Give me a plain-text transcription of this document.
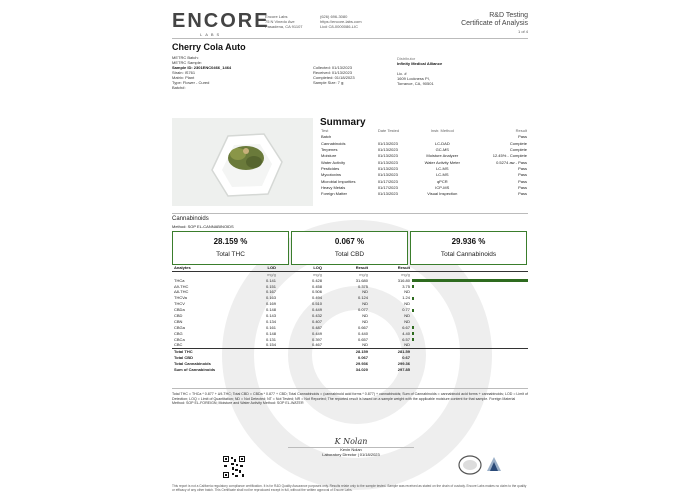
ENCORE
LABS
Encore Labs
75 N Vinedo Ave
Pasadena, CA 91107
(626) 696-3080
https://encore-labs.com
Lic# C8-0000086-LIC
R&D Testing
Certificate of Analysis
1 of 4
Cherry Cola Auto
METRC Batch:
METRC Sample:
Sample ID: 2301ENC0466_1464
Strain: IS761
Matrix: Plant
Type: Flower - Cured
Batch#:
Collected: 01/13/2023
Received: 01/13/2023
Completed: 01/18/2023
Sample Size: 7 g;
Distributor
Infinity Medical Alliance
Lic. #
1609 Lockness Pl,
Torrance, CA, 90501
Summary
Test	Date Tested	Instr. Method	Result
Batch			Pass
Cannabinoids	01/13/2023	LC-DAD	Complete
Terpenes	01/13/2023	GC-MS	Complete
Moisture	01/13/2023	Moisture Analyzer	12.45% - Complete
Water Activity	01/13/2023	Water Activity Meter	0.5274 aw - Pass
Pesticides	01/13/2023	LC-MS	Pass
Mycotoxins	01/13/2023	LC-MS	Pass
Microbial Impurities	01/17/2023	qPCR	Pass
Heavy Metals	01/17/2023	ICP-MS	Pass
Foreign Matter	01/13/2023	Visual Inspection	Pass
Cannabinoids
Method: SOP EL-CANNABINOIDS
28.159 %
Total THC
0.067 %
Total CBD
29.936 %
Total Cannabinoids
Analytes	LOD	LOQ	Result	Result	
	mg/g	mg/g	mg/g	mg/g	
THCa	0.141	0.428	31.680	316.80	

Δ9-THC	0.151	0.458	0.375	3.75	

Δ8-THC	0.167	0.506	ND	ND	

THCVa	0.163	0.494	0.124	1.24	

THCV	0.169	0.510	ND	ND	

CBDa	0.148	0.449	0.077	0.77	

CBD	0.143	0.432	ND	ND	

CBN	0.134	0.407	ND	ND	

CBGa	0.161	0.487	0.667	6.67	

CBG	0.148	0.449	0.440	4.40	

CBCa	0.131	0.397	0.657	6.57	

CBC	0.154	0.467	ND	ND	

Total THC			28.159	281.59	
Total CBD			0.067	0.67	
Total Cannabinoids			29.936	299.36	
Sum of Cannabinoids			34.020	297.85	
Total THC = THCa * 0.877 + Δ9-THC; Total CBD = CBDa * 0.877 + CBD; Total Cannabinoids = (cannabinoid acid forms * 0.877) + cannabinoids; Sum of Cannabinoids = cannabinoid acid forms + cannabinoids; LOD = Limit of Detection; LOQ = Limit of Quantitation; ND = Not Detected; NT = Not Tested; NR = Not Reported; The reported result is based on a sample weight with the applicable moisture content for that sample. Foreign Material Method: SOP EL-FOREIGN; Moisture and Water Activity Method: SOP EL-WATER
K Nolan
Kevin Nolan
Laboratory Director | 01/18/2023
This report is not a California regulatory compliance certification. It is for R&D Quality Assurance purposes only. Results relate only to the sample tested. Sample was received as stated on the chain of custody. Encore Labs makes no claim to the quality or efficacy of any other batch. This Certificate shall not be reproduced except in full, without the written approval of Encore Labs.
